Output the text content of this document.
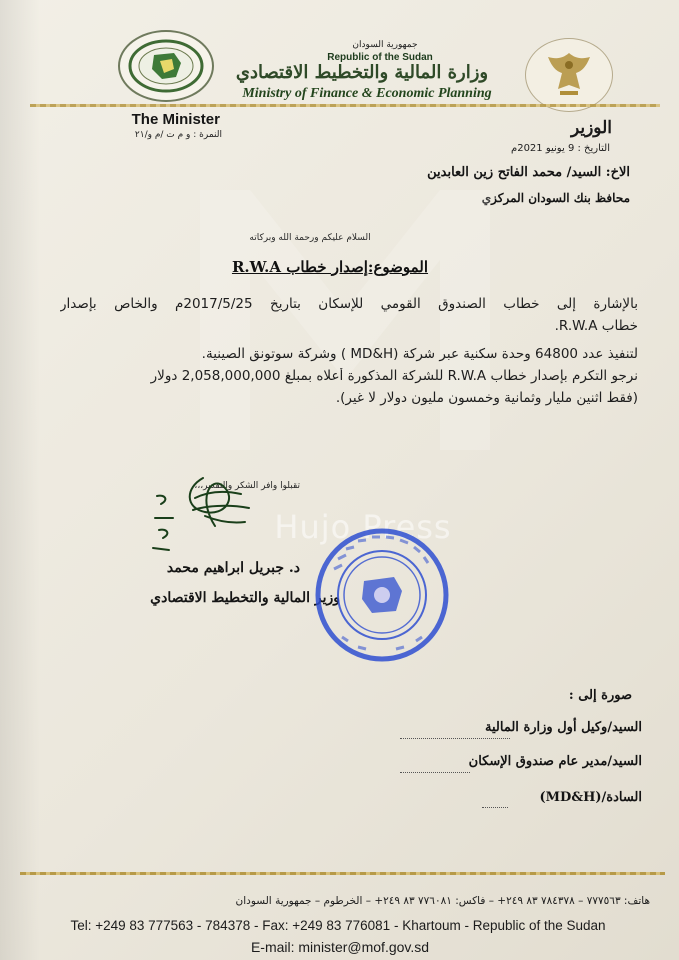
جمهورية السودان
Republic of the Sudan
وزارة المالية والتخطيط الاقتصادي
Ministry of Finance & Economic Planning
The Minister	الوزير
النمرة : و م ت /م و/٢١
التاريخ : 9 يونيو 2021م
الاخ: السيد/ محمد الفاتح زين العابدين
محافظ بنك السودان المركزي
السلام عليكم ورحمة الله وبركاته
الموضوع:إصدار خطاب R.W.A
بالإشارة إلى خطاب الصندوق القومي للإسكان بتاريخ 2017/5/25م والخاص بإصدار
خطاب R.W.A.
لتنفيذ عدد 64800 وحدة سكنية عبر شركة (MD&H ) وشركة سوتونق الصينية.
نرجو التكرم بإصدار خطاب R.W.A للشركة المذكورة أعلاه بمبلغ 2,058,000,000 دولار
(فقط اثنين مليار وثمانية وخمسون مليون دولار لا غير).
تقبلوا وافر الشكر والتقدير،،،
Hujo Press
د. جبريل ابراهيم محمد
وزير المالية والتخطيط الاقتصادي
صورة إلى :
السيد/وكيل أول وزارة المالية
السيد/مدير عام صندوق الإسكان
السادة/(MD&H)
هاتف: ٧٧٧٥٦٣ – ٧٨٤٣٧٨ ٨٣ ٢٤٩+ – فاكس: ٧٧٦٠٨١ ٨٣ ٢٤٩+ – الخرطوم – جمهورية السودان
Tel: +249 83 777563 - 784378 - Fax: +249 83 776081 - Khartoum - Republic of the Sudan
E-mail: minister@mof.gov.sd
